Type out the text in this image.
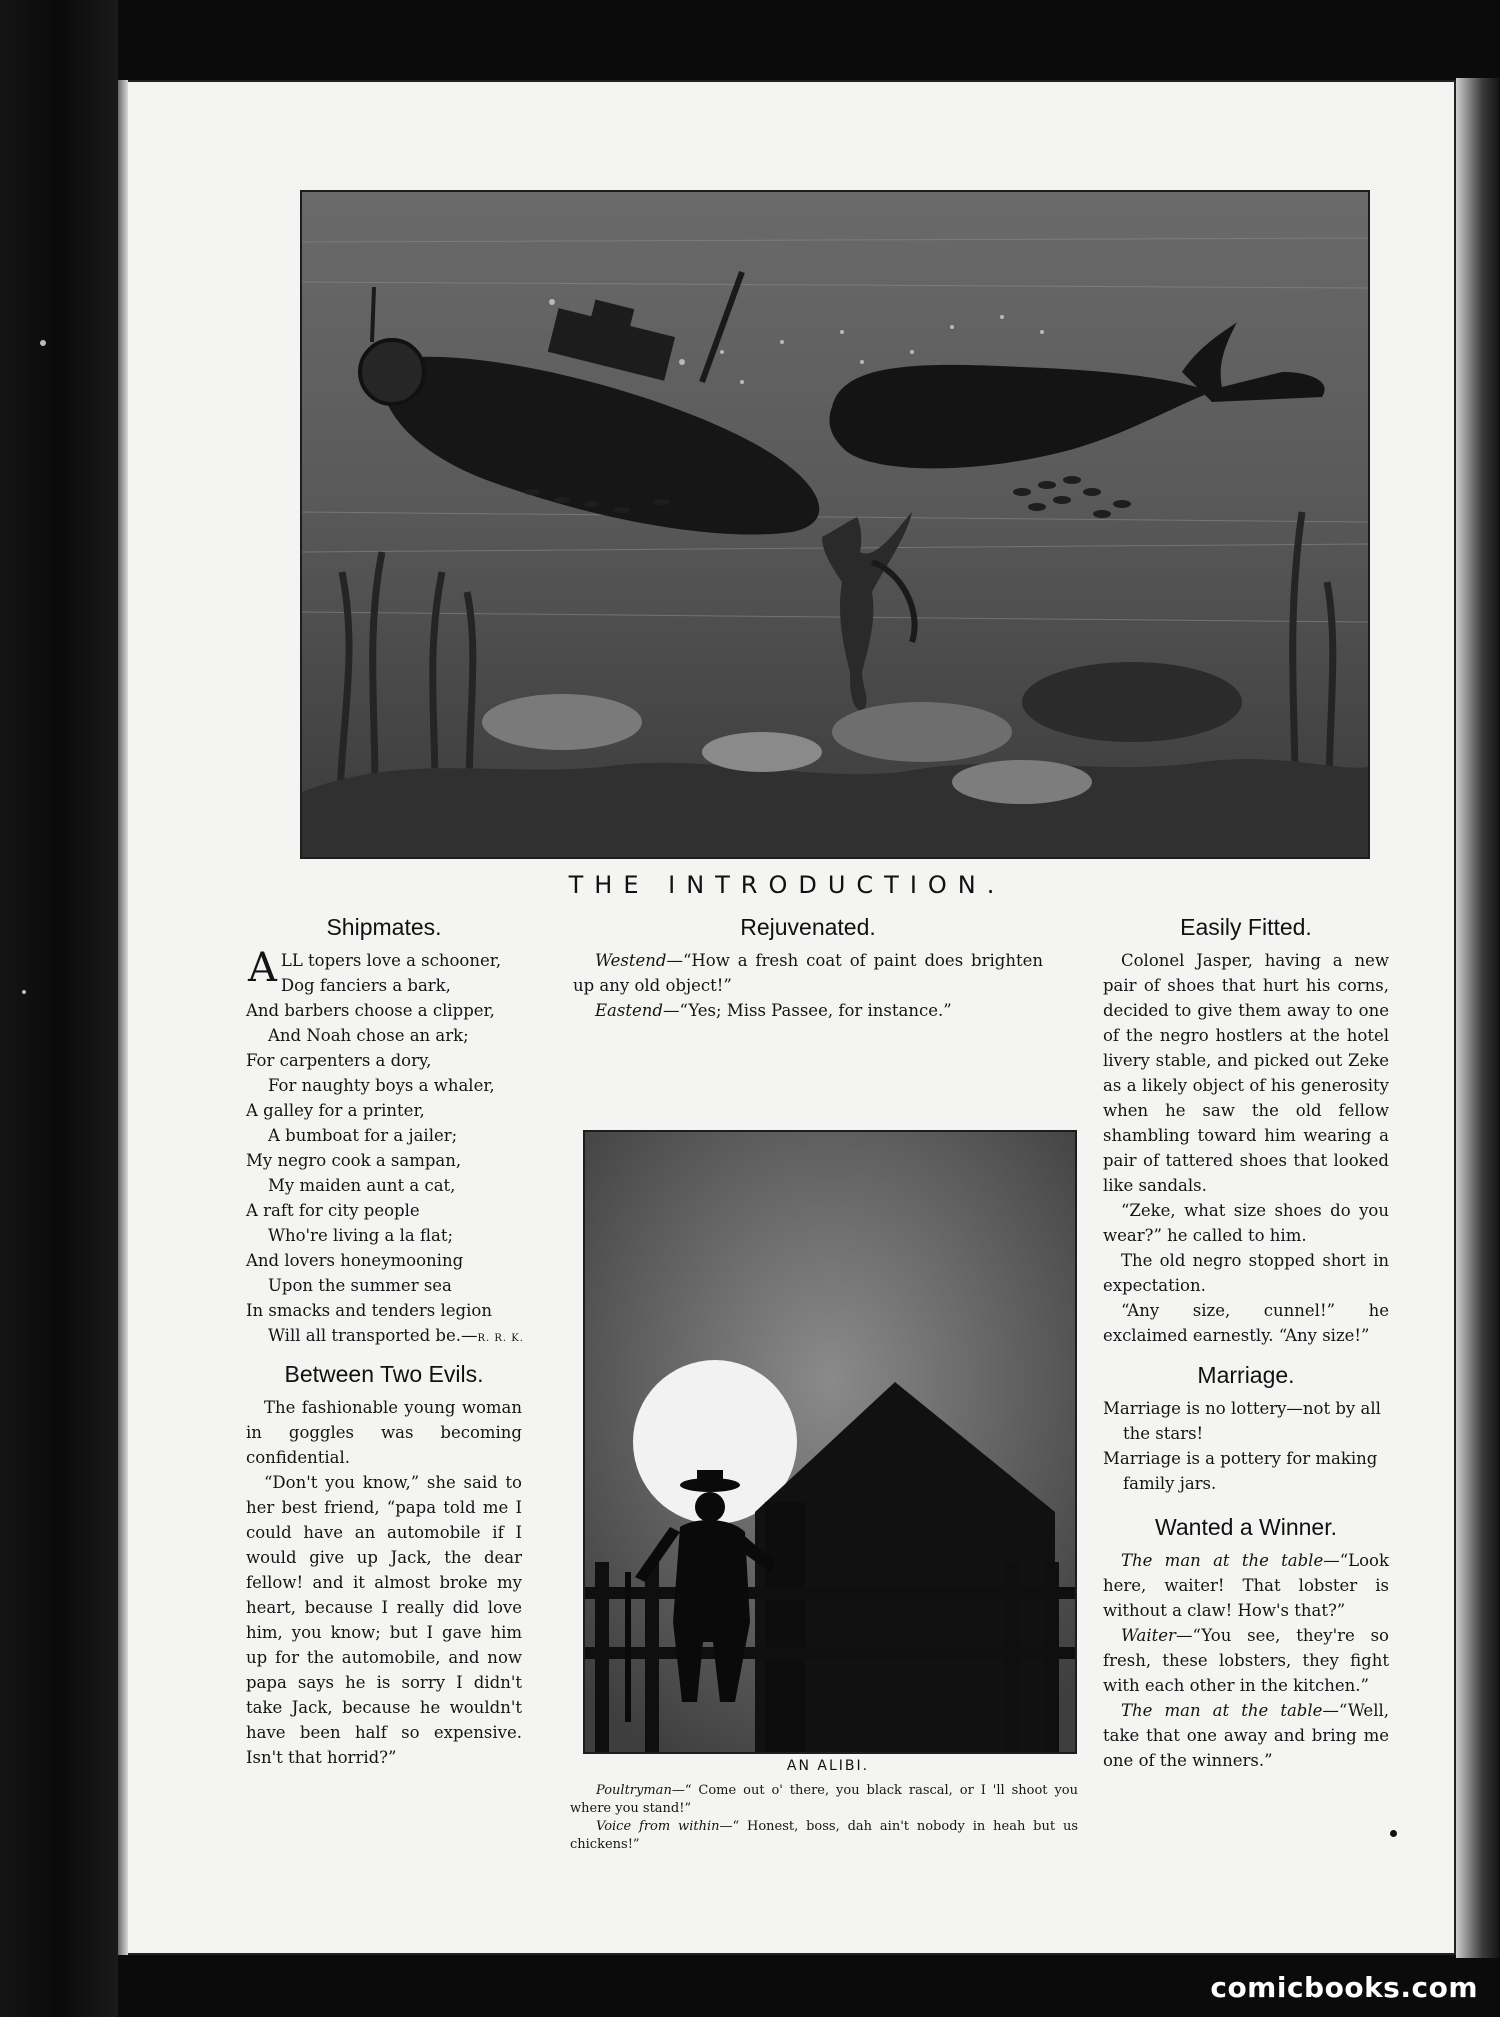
THE INTRODUCTION.
Shipmates.
A LL topers love a schooner,
Dog fanciers a bark,
And barbers choose a clipper,
And Noah chose an ark;
For carpenters a dory,
For naughty boys a whaler,
A galley for a printer,
A bumboat for a jailer;
My negro cook a sampan,
My maiden aunt a cat,
A raft for city people
Who're living a la flat;
And lovers honeymooning
Upon the summer sea
In smacks and tenders legion
Will all transported be.—R. R. K.
Between Two Evils.

The fashionable young woman in goggles was becoming confidential.

“Don't you know,” she said to her best friend, “papa told me I could have an automobile if I would give up Jack, the dear fellow! and it almost broke my heart, because I really did love him, you know; but I gave him up for the automobile, and now papa says he is sorry I didn't take Jack, because he wouldn't have been half so expensive. Isn't that horrid?”

Rejuvenated.

Westend—“How a fresh coat of paint does brighten up any old object!”

Eastend—“Yes; Miss Passee, for instance.”

AN ALIBI.

Poultryman—“ Come out o' there, you black rascal, or I 'll shoot you where you stand!”

Voice from within—“ Honest, boss, dah ain't nobody in heah but us chickens!”

Easily Fitted.

Colonel Jasper, having a new pair of shoes that hurt his corns, decided to give them away to one of the negro hostlers at the hotel livery stable, and picked out Zeke as a likely object of his generosity when he saw the old fellow shambling toward him wearing a pair of tattered shoes that looked like sandals.

“Zeke, what size shoes do you wear?” he called to him.

The old negro stopped short in expectation.

“Any size, cunnel!” he exclaimed earnestly. “Any size!”

Marriage.

Marriage is no lottery—not by all the stars!

Marriage is a pottery for making family jars.

Wanted a Winner.

The man at the table—“Look here, waiter! That lobster is without a claw! How's that?”

Waiter—“You see, they're so fresh, these lobsters, they fight with each other in the kitchen.”

The man at the table—“Well, take that one away and bring me one of the winners.”

comicbooks.com
